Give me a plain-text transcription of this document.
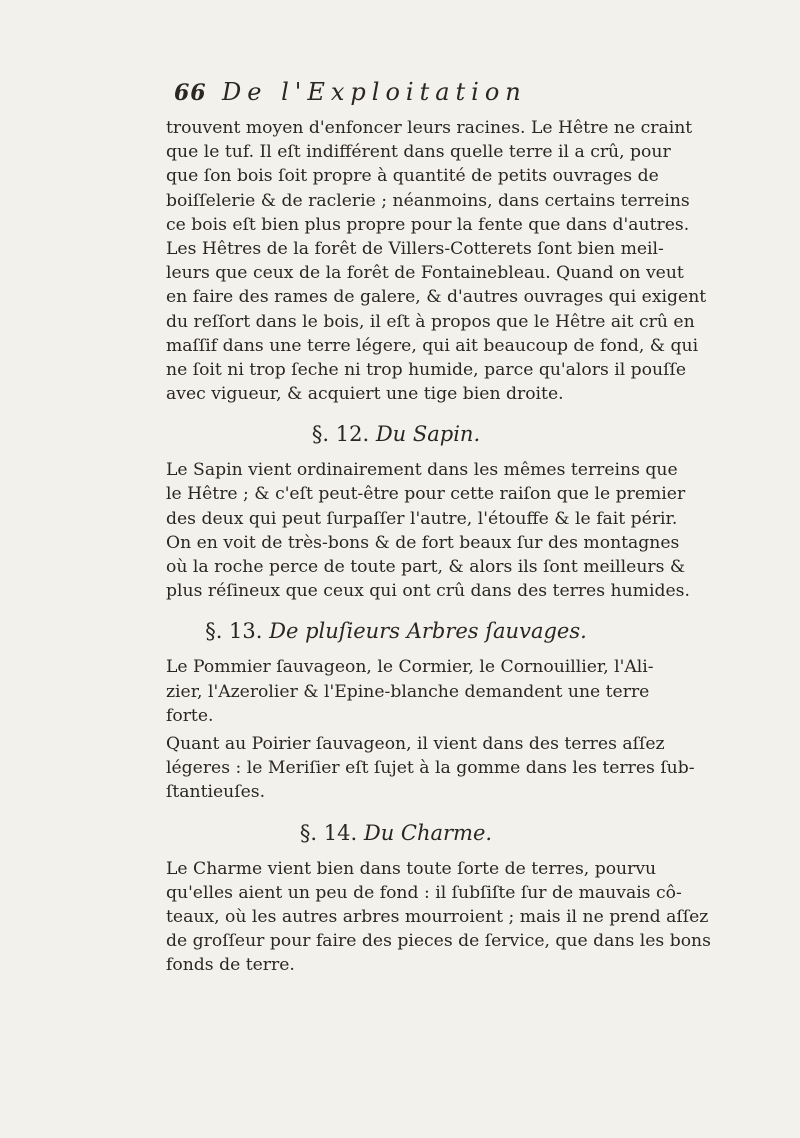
66 De l'Exploitation
trouvent moyen d'enfoncer leurs racines. Le Hêtre ne craint
que le tuf. Il eſt indifférent dans quelle terre il a crû, pour
que ſon bois ſoit propre à quantité de petits ouvrages de
boiſſelerie & de raclerie ; néanmoins, dans certains terreins
ce bois eſt bien plus propre pour la fente que dans d'autres.
Les Hêtres de la forêt de Villers-Cotterets ſont bien meil-
leurs que ceux de la forêt de Fontainebleau. Quand on veut
en faire des rames de galere, & d'autres ouvrages qui exigent
du reſſort dans le bois, il eſt à propos que le Hêtre ait crû en
maſſif dans une terre légere, qui ait beaucoup de fond, & qui
ne ſoit ni trop ſeche ni trop humide, parce qu'alors il pouſſe
avec vigueur, & acquiert une tige bien droite.
§. 12. Du Sapin.
Le Sapin vient ordinairement dans les mêmes terreins que
le Hêtre ; & c'eſt peut-être pour cette raiſon que le premier
des deux qui peut ſurpaſſer l'autre, l'étouffe & le fait périr.
On en voit de très-bons & de fort beaux ſur des montagnes
où la roche perce de toute part, & alors ils ſont meilleurs &
plus réſineux que ceux qui ont crû dans des terres humides.
§. 13. De pluſieurs Arbres ſauvages.
Le Pommier ſauvageon, le Cormier, le Cornouillier, l'Ali-
zier, l'Azerolier & l'Epine-blanche demandent une terre
forte.
Quant au Poirier ſauvageon, il vient dans des terres aſſez
légeres : le Meriſier eſt ſujet à la gomme dans les terres ſub-
ſtantieuſes.
§. 14. Du Charme.
Le Charme vient bien dans toute ſorte de terres, pourvu
qu'elles aient un peu de fond : il ſubſiſte ſur de mauvais cô-
teaux, où les autres arbres mourroient ; mais il ne prend aſſez
de groſſeur pour faire des pieces de ſervice, que dans les bons
fonds de terre.
